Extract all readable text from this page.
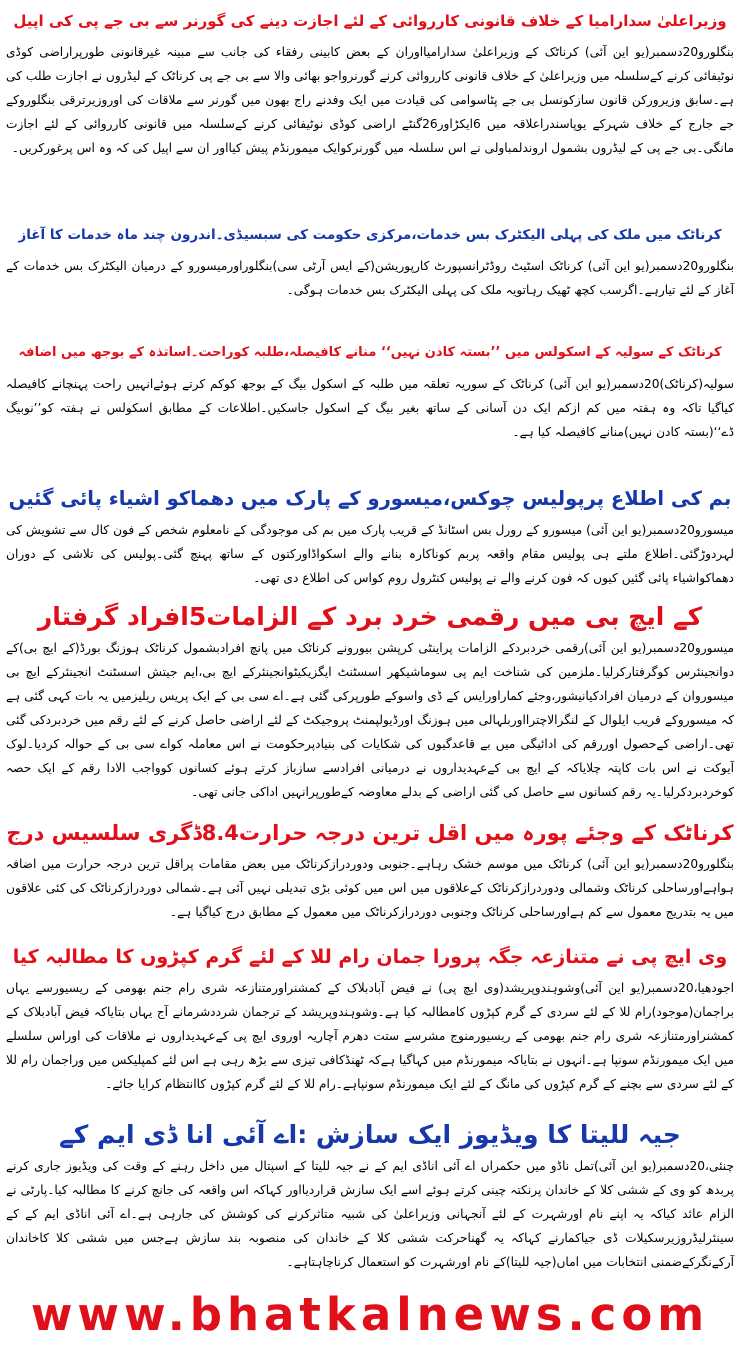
وزیراعلیٰ سدارامیا کے خلاف قانونی کارروائی کے لئے اجازت دینے کی گورنر سے بی جے پی کی اپیل

بنگلورو20دسمبر(یو این آئی) کرناٹک کے وزیراعلیٰ سدارامیااوران کے بعض کابینی رفقاء کی جانب سے مبینہ غیرقانونی طورپراراضی کوڈی نوٹیفائی کرنے کےسلسلہ میں وزیراعلیٰ کے خلاف قانونی کارروائی کرنے گورنرواجو بھائی والا سے بی جے پی کرناٹک کے لیڈروں نے اجازت طلب کی ہے۔سابق وزیرورکن قانون سازکونسل بی جے پٹاسوامی کی قیادت میں ایک وفدنے راج بھون میں گورنر سے ملاقات کی اوروزیرترقی بنگلوروکے جے جارج کے خلاف شہرکے یوپاسندراعلاقہ میں 6ایکڑاور26گنٹے اراضی کوڈی نوٹیفائی کرنے کےسلسلہ میں قانونی کارروائی کے لئے اجازت مانگی۔بی جے پی کے لیڈروں بشمول اروندلمباولی نے اس سلسلہ میں گورنرکوایک میمورنڈم پیش کیااور ان سے اپیل کی کہ وہ اس پرغورکریں۔

کرناٹک میں ملک کی پہلی الیکٹرک بس خدمات،مرکزی حکومت کی سبسیڈی۔اندرون چند ماہ خدمات کا آغاز

بنگلورو20دسمبر(یو این آئی) کرناٹک اسٹیٹ روڈٹرانسپورٹ کارپوریشن(کے ایس آرٹی سی)بنگلوراورمیسورو کے درمیان الیکٹرک بس خدمات کے آغاز کے لئے تیارہے۔اگرسب کچھ ٹھیک رہاتویہ ملک کی پہلی الیکٹرک بس خدمات ہوگی۔

کرناٹک کے سولیہ کے اسکولس میں ’’بستہ کادن نہیں‘‘ منانے کافیصلہ،طلبہ کوراحت۔اساتذہ کے بوجھ میں اضافہ

سولیہ(کرناٹک)20دسمبر(یو این آئی) کرناٹک کے سوریہ تعلقہ میں طلبہ کے اسکول بیگ کے بوجھ کوکم کرتے ہوئےانہیں راحت پہنچانے کافیصلہ کیاگیا تاکہ وہ ہفتہ میں کم ازکم ایک دن آسانی کے ساتھ بغیر بیگ کے اسکول جاسکیں۔اطلاعات کے مطابق اسکولس نے ہفتہ کو’’نوبیگ ڈے‘‘(بستہ کادن نہیں)منانے کافیصلہ کیا ہے۔

بم کی اطلاع پرپولیس چوکس،میسورو کے پارک میں دھماکو اشیاء پائی گئیں

میسورو20دسمبر(یو این آئی) میسورو کے رورل بس اسٹانڈ کے قریب پارک میں بم کی موجودگی کے نامعلوم شخص کے فون کال سے تشویش کی لہردوڑگئی۔اطلاع ملتے ہی پولیس مقام واقعہ پربم کوناکارہ بنانے والے اسکواڈاورکتوں کے ساتھ پہنچ گئی۔پولیس کی تلاشی کے دوران دھماکواشیاء پائی گئیں کیوں کہ فون کرنے والے نے پولیس کنٹرول روم کواس کی اطلاع دی تھی۔

کے ایچ بی میں رقمی خرد برد کے الزامات5افراد گرفتار

میسورو20دسمبر(یو این آئی)رقمی خردبردکے الزامات پراینٹی کرپشن بیورونے کرناٹک میں پانچ افرادبشمول کرناٹک ہوزنگ بورڈ(کے ایچ بی)کے دوانجینئرس کوگرفتارکرلیا۔ملزمین کی شناخت ایم پی سوماشیکھر اسسٹنٹ ایگزیکیٹوانجینئرکے ایچ بی،ایم جیتش اسسٹنٹ انجینئرکے ایچ بی میسوروان کے درمیان افرادکیانیشور،وجئے کماراورایس کے ڈی واسوکے طورپرکی گئی ہے۔اے سی بی کے ایک پریس ریلیزمیں یہ بات کہی گئی ہے کہ میسوروکے قریب ایلوال کے لنگرالاچترااوربلہالی میں ہوزنگ اورڈیولپمنٹ پروجیکٹ کے لئے اراضی حاصل کرنے کے لئے رقم میں خردبردکی گئی تھی۔اراضی کےحصول اوررقم کی ادائیگی میں بے قاعدگیوں کی شکایات کی بنیادپرحکومت نے اس معاملہ کواے سی بی کے حوالہ کردیا۔لوک آیوکت نے اس بات کاپتہ چلایاکہ کے ایچ بی کےعہدیداروں نے درمیانی افرادسے سازباز کرتے ہوئے کسانوں کوواجب الادا رقم کے ایک حصہ کوخردبردکرلیا۔یہ رقم کسانوں سے حاصل کی گئی اراضی کے بدلے معاوضہ کےطورپرانہیں اداکی جانی تھی۔

کرناٹک کے وجئے پورہ میں اقل ترین درجہ حرارت8.4ڈگری سلسیس درج

بنگلورو20دسمبر(یو این آئی) کرناٹک میں موسم خشک رہاہے۔جنوبی ودوردرازکرناٹک میں بعض مقامات پراقل ترین درجہ حرارت میں اضافہ ہواہےاورساحلی کرناٹک وشمالی ودوردرازکرناٹک کےعلاقوں میں اس میں کوئی بڑی تبدیلی نہیں آئی ہے۔شمالی دوردرازکرناٹک کی کئی علاقوں میں یہ بتدریج معمول سے کم ہےاورساحلی کرناٹک وجنوبی دوردرازکرناٹک میں معمول کے مطابق درج کیاگیا ہے۔

وی ایچ پی نے متنازعہ جگہ پرورا جمان رام للا کے لئے گرم کپڑوں کا مطالبہ کیا

اجودھیا،20دسمبر(یو این آئی)وشوہندوپریشد(وی ایچ پی) نے فیض آبادبلاک کے کمشنراورمتنازعہ شری رام جنم بھومی کے ریسیورسے یہاں براجمان(موجود)رام للا کے لئے سردی کے گرم کپڑوں کامطالبہ کیا ہے۔وشوہندوپریشد کے ترجمان شرددشرمانے آج یہاں بتایاکہ فیض آبادبلاک کے کمشنراورمتنازعہ شری رام جنم بھومی کے ریسیورمنوج مشرسے ستت دھرم آچاریہ اوروی ایچ پی کےعہدیداروں نے ملاقات کی اوراس سلسلے میں ایک میمورنڈم سونپا ہے۔انہوں نے بتایاکہ میمورنڈم میں کہاگیا ہےکہ ٹھنڈکافی تیزی سے بڑھ رہی ہے اس لئے کمپلیکس میں وراجمان رام للا کے لئے سردی سے بچنے کے گرم کپڑوں کی مانگ کے لئے ایک میمورنڈم سونپاہے۔رام للا کے لئے گرم کپڑوں کاانتظام کرایا جائے۔

جیہ للیتا کا ویڈیوز ایک سازش :اے آئی انا ڈی ایم کے

چنئی،20دسمبر(یو این آئی)تمل ناڈو میں حکمراں اے آئی اناڈی ایم کے نے جیہ للیتا کے اسپتال میں داخل رہنے کے وقت کی ویڈیوز جاری کرنے پربدھ کو وی کے ششی کلا کے خاندان پرنکتہ چینی کرتے ہوئے اسے ایک سازش قراردیااور کہاکہ اس واقعہ کی جانچ کرنے کا مطالبہ کیا۔پارٹی نے الزام عائد کیاکہ یہ اپنے نام اورشہرت کے لئے آنجہانی وزیراعلیٰ کی شبیہ متاثرکرنے کی کوشش کی جارہی ہے۔اے آئی اناڈی ایم کے کے سینئرلیڈروزیرسکیلات ڈی جیاکمارنے کہاکہ یہ گھناحرکت ششی کلا کے خاندان کی منصوبہ بند سازش ہےجس میں ششی کلا کاخاندان آرکےنگرکےضمنی انتخابات میں اماں(جیہ للیتا)کے نام اورشہرت کو استعمال کرناچاہتاہے۔

www.bhatkalnews.com
